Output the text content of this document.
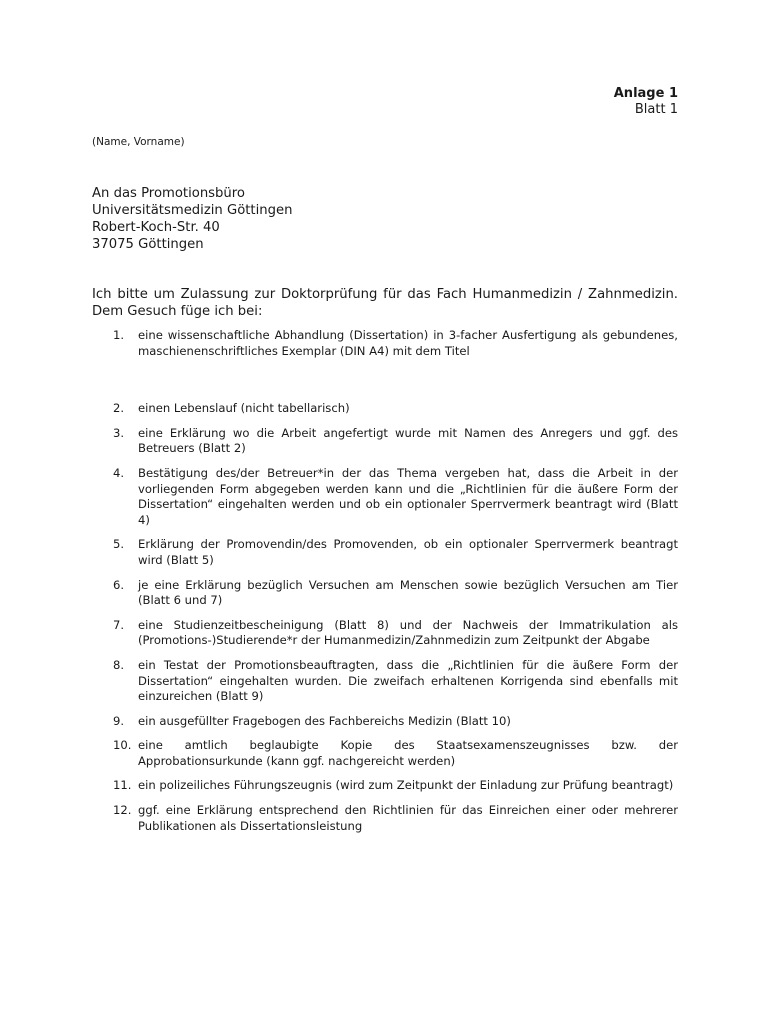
Anlage 1
Blatt 1
(Name, Vorname)
An das Promotionsbüro
Universitätsmedizin Göttingen
Robert-Koch-Str. 40
37075 Göttingen
Ich bitte um Zulassung zur Doktorprüfung für das Fach Humanmedizin / Zahnmedizin. Dem Gesuch füge ich bei:
1. eine wissenschaftliche Abhandlung (Dissertation) in 3-facher Ausfertigung als gebundenes, maschienenschriftliches Exemplar (DIN A4) mit dem Titel
2. einen Lebenslauf (nicht tabellarisch)
3. eine Erklärung wo die Arbeit angefertigt wurde mit Namen des Anregers und ggf. des Betreuers (Blatt 2)
4. Bestätigung des/der Betreuer*in der das Thema vergeben hat, dass die Arbeit in der vorliegenden Form abgegeben werden kann und die „Richtlinien für die äußere Form der Dissertation“ eingehalten werden und ob ein optionaler Sperrvermerk beantragt wird (Blatt 4)
5. Erklärung der Promovendin/des Promovenden, ob ein optionaler Sperrvermerk beantragt wird (Blatt 5)
6. je eine Erklärung bezüglich Versuchen am Menschen sowie bezüglich Versuchen am Tier (Blatt 6 und 7)
7. eine Studienzeitbescheinigung (Blatt 8) und der Nachweis der Immatrikulation als (Promotions-)Studierende*r der Humanmedizin/Zahnmedizin zum Zeitpunkt der Abgabe
8. ein Testat der Promotionsbeauftragten, dass die „Richtlinien für die äußere Form der Dissertation“ eingehalten wurden. Die zweifach erhaltenen Korrigenda sind ebenfalls mit einzureichen (Blatt 9)
9. ein ausgefüllter Fragebogen des Fachbereichs Medizin (Blatt 10)
10. eine amtlich beglaubigte Kopie des Staatsexamenszeugnisses bzw. der Approbationsurkunde (kann ggf. nachgereicht werden)
11. ein polizeiliches Führungszeugnis (wird zum Zeitpunkt der Einladung zur Prüfung beantragt)
12. ggf. eine Erklärung entsprechend den Richtlinien für das Einreichen einer oder mehrerer Publikationen als Dissertationsleistung
